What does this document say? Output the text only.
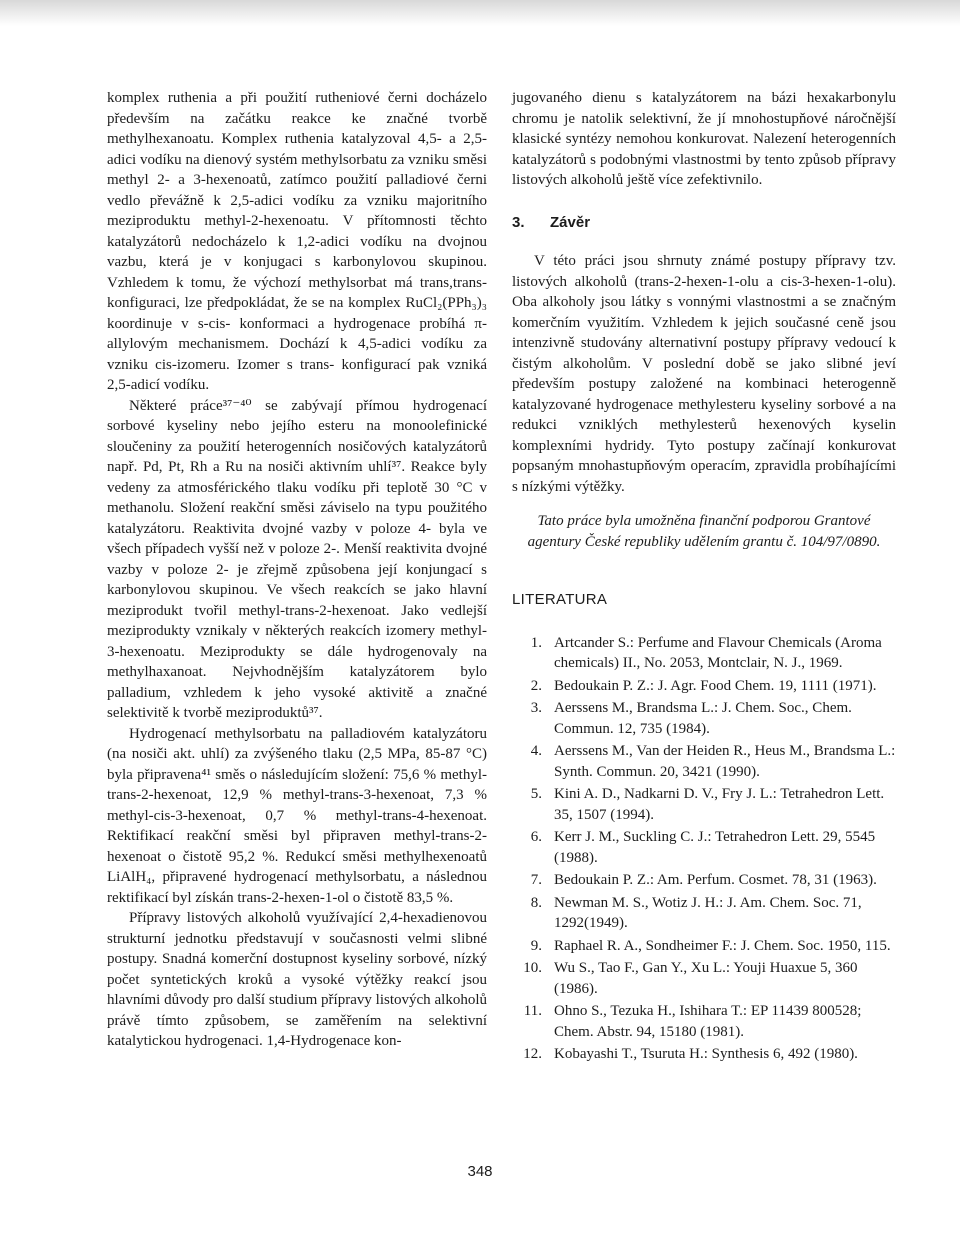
komplex ruthenia a při použití rutheniové černi docházelo především na začátku reakce ke značné tvorbě methylhexanoatu. Komplex ruthenia katalyzoval 4,5- a 2,5-adici vodíku na dienový systém methylsorbatu za vzniku směsi methyl 2- a 3-hexenoatů, zatímco použití palladiové černi vedlo převážně k 2,5-adici vodíku za vzniku majoritního meziproduktu methyl-2-hexenoatu. V přítomnosti těchto katalyzátorů nedocházelo k 1,2-adici vodíku na dvojnou vazbu, která je v konjugaci s karbonylovou skupinou. Vzhledem k tomu, že výchozí methylsorbat má trans,trans-konfiguraci, lze předpokládat, že se na komplex RuCl₂(PPh₃)₃ koordinuje v s-cis- konformaci a hydrogenace probíhá π-allylovým mechanismem. Dochází k 4,5-adici vodíku za vzniku cis-izomeru. Izomer s trans- konfigurací pak vzniká 2,5-adicí vodíku.

Některé práce³⁷⁻⁴⁰ se zabývají přímou hydrogenací sorbové kyseliny nebo jejího esteru na monoolefinické sloučeniny za použití heterogenních nosičových katalyzátorů např. Pd, Pt, Rh a Ru na nosiči aktivním uhlí³⁷. Reakce byly vedeny za atmosférického tlaku vodíku při teplotě 30 °C v methanolu. Složení reakční směsi záviselo na typu použitého katalyzátoru. Reaktivita dvojné vazby v poloze 4- byla ve všech případech vyšší než v poloze 2-. Menší reaktivita dvojné vazby v poloze 2- je zřejmě způsobena její konjungací s karbonylovou skupinou. Ve všech reakcích se jako hlavní meziprodukt tvořil methyl-trans-2-hexenoat. Jako vedlejší meziprodukty vznikaly v některých reakcích izomery methyl-3-hexenoatu. Meziprodukty se dále hydrogenovaly na methylhaxanoat. Nejvhodnějším katalyzátorem bylo palladium, vzhledem k jeho vysoké aktivitě a značné selektivitě k tvorbě meziproduktů³⁷.

Hydrogenací methylsorbatu na palladiovém katalyzátoru (na nosiči akt. uhlí) za zvýšeného tlaku (2,5 MPa, 85-87 °C) byla připravena⁴¹ směs o následujícím složení: 75,6 % methyl-trans-2-hexenoat, 12,9 % methyl-trans-3-hexenoat, 7,3 % methyl-cis-3-hexenoat, 0,7 % methyl-trans-4-hexenoat. Rektifikací reakční směsi byl připraven methyl-trans-2-hexenoat o čistotě 95,2 %. Redukcí směsi methylhexenoatů LiAlH₄, připravené hydrogenací methylsorbatu, a následnou rektifikací byl získán trans-2-hexen-1-ol o čistotě 83,5 %.

Přípravy listových alkoholů využívající 2,4-hexadienovou strukturní jednotku představují v současnosti velmi slibné postupy. Snadná komerční dostupnost kyseliny sorbové, nízký počet syntetických kroků a vysoké výtěžky reakcí jsou hlavními důvody pro další studium přípravy listových alkoholů právě tímto způsobem, se zaměřením na selektivní katalytickou hydrogenaci. 1,4-Hydrogenace kon-

jugovaného dienu s katalyzátorem na bázi hexakarbonylu chromu je natolik selektivní, že jí mnohostupňové náročnější klasické syntézy nemohou konkurovat. Nalezení heterogenních katalyzátorů s podobnými vlastnostmi by tento způsob přípravy listových alkoholů ještě více zefektivnilo.

3. Závěr

V této práci jsou shrnuty známé postupy přípravy tzv. listových alkoholů (trans-2-hexen-1-olu a cis-3-hexen-1-olu). Oba alkoholy jsou látky s vonnými vlastnostmi a se značným komerčním využitím. Vzhledem k jejich současné ceně jsou intenzivně studovány alternativní postupy přípravy vedoucí k čistým alkoholům. V poslední době se jako slibné jeví především postupy založené na kombinaci heterogenně katalyzované hydrogenace methylesteru kyseliny sorbové a na redukci vzniklých methylesterů hexenových kyselin komplexními hydridy. Tyto postupy začínají konkurovat popsaným mnohastupňovým operacím, zpravidla probíhajícími s nízkými výtěžky.

Tato práce byla umožněna finanční podporou Grantové agentury České republiky udělením grantu č. 104/97/0890.

LITERATURA
1. Artcander S.: Perfume and Flavour Chemicals (Aroma chemicals) II., No. 2053, Montclair, N. J., 1969.
2. Bedoukain P. Z.: J. Agr. Food Chem. 19, 1111 (1971).
3. Aerssens M., Brandsma L.: J. Chem. Soc., Chem. Commun. 12, 735 (1984).
4. Aerssens M., Van der Heiden R., Heus M., Brandsma L.: Synth. Commun. 20, 3421 (1990).
5. Kini A. D., Nadkarni D. V., Fry J. L.: Tetrahedron Lett. 35, 1507 (1994).
6. Kerr J. M., Suckling C. J.: Tetrahedron Lett. 29, 5545 (1988).
7. Bedoukain P. Z.: Am. Perfum. Cosmet. 78, 31 (1963).
8. Newman M. S., Wotiz J. H.: J. Am. Chem. Soc. 71, 1292(1949).
9. Raphael R. A., Sondheimer F.: J. Chem. Soc. 1950, 115.
10. Wu S., Tao F., Gan Y., Xu L.: Youji Huaxue 5, 360 (1986).
11. Ohno S., Tezuka H., Ishihara T.: EP 11439 800528; Chem. Abstr. 94, 15180 (1981).
12. Kobayashi T., Tsuruta H.: Synthesis 6, 492 (1980).
348
